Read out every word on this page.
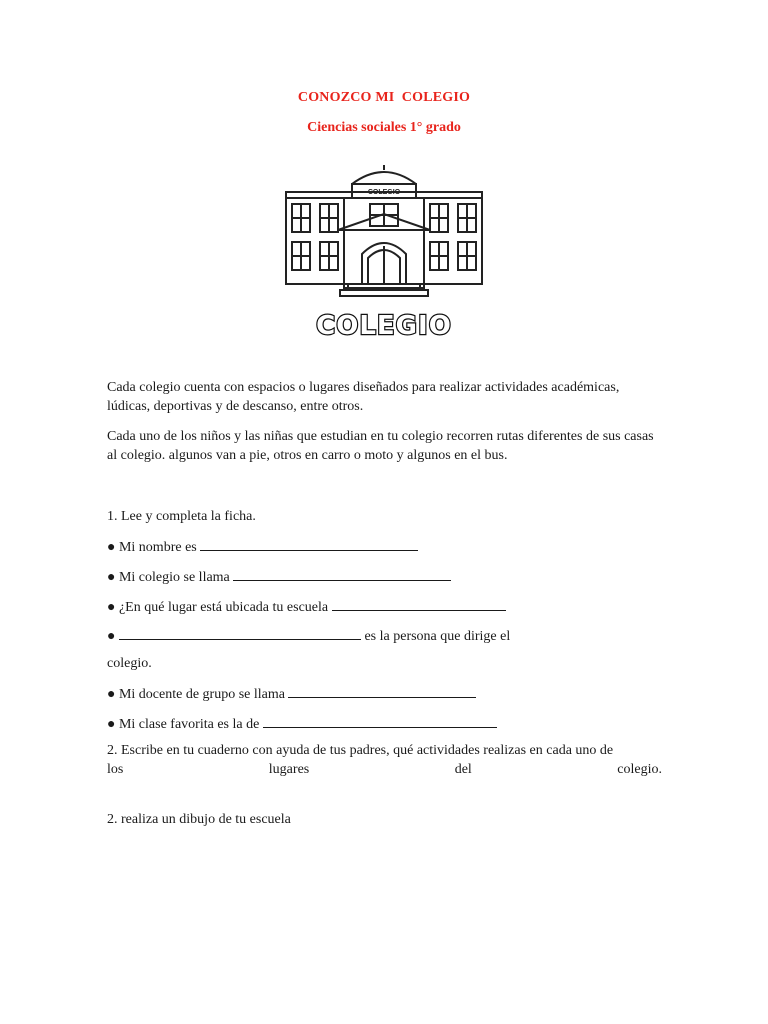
CONOZCO MI  COLEGIO
Ciencias sociales 1° grado
COLEGIO
COLEGIO
Cada colegio cuenta con espacios o lugares diseñados para realizar actividades académicas, lúdicas, deportivas y de descanso, entre otros.
Cada uno de los niños y las niñas que estudian en tu colegio recorren rutas diferentes de sus casas al colegio. algunos van a pie, otros en carro o moto y algunos en el bus.
1. Lee y completa la ficha.
● Mi nombre es
● Mi colegio se llama
● ¿En qué lugar está ubicada tu escuela
●	es la persona que dirige el
colegio.
● Mi docente de grupo se llama
● Mi clase favorita es la de
2. Escribe en tu cuaderno con ayuda de tus padres, qué actividades realizas en cada uno de
los	lugares	del	colegio.
2. realiza un dibujo de tu escuela
